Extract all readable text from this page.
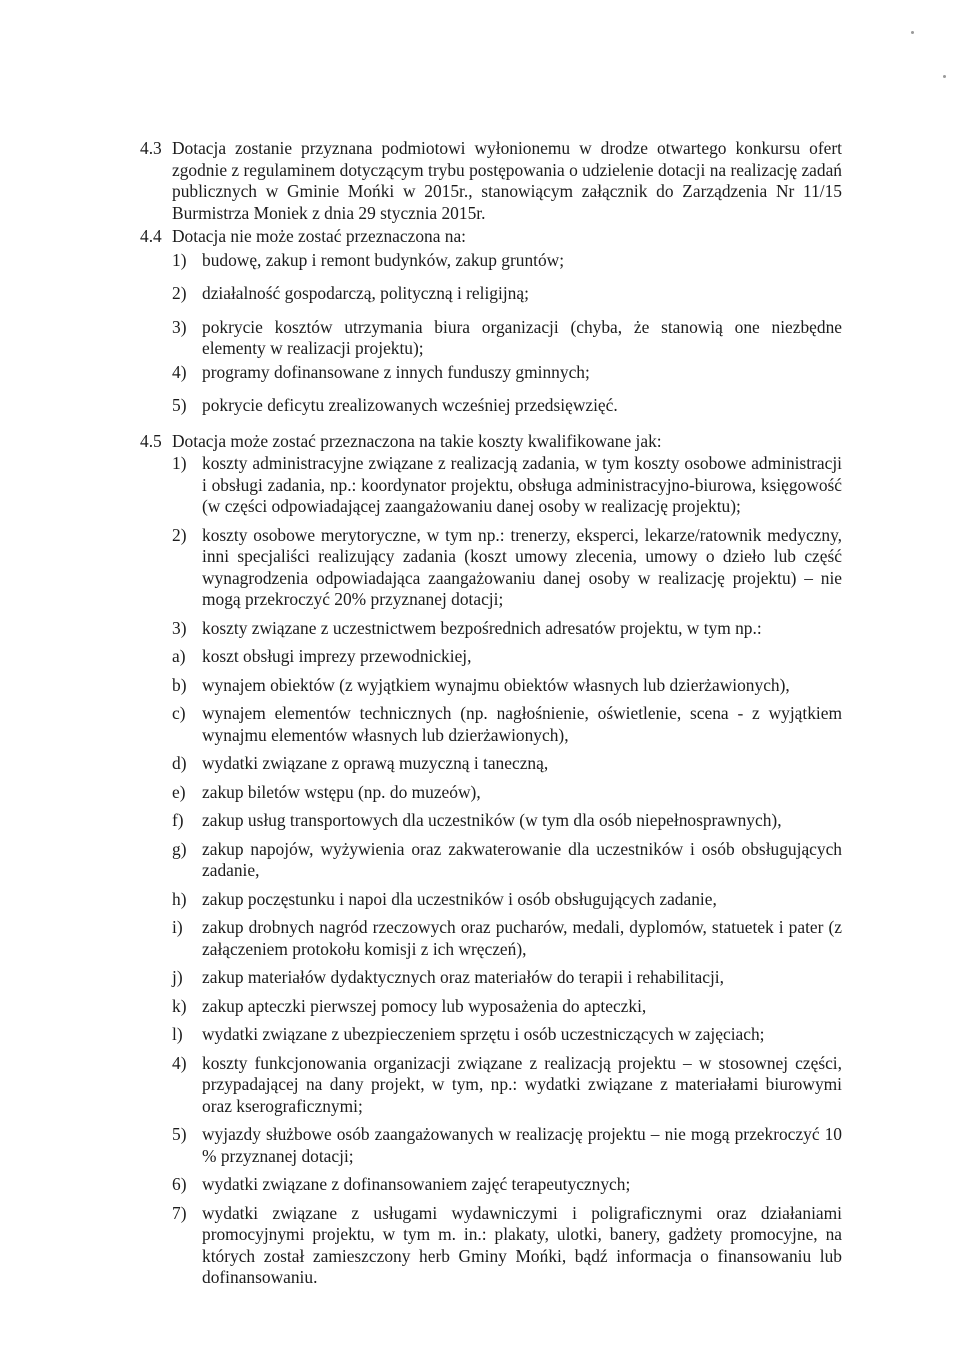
4.3 Dotacja zostanie przyznana podmiotowi wyłonionemu w drodze otwartego konkursu ofert zgodnie z regulaminem dotyczącym trybu postępowania o udzielenie dotacji na realizację zadań publicznych w Gminie Mońki w 2015r., stanowiącym załącznik do Zarządzenia Nr 11/15 Burmistrza Moniek z dnia 29 stycznia 2015r.
4.4 Dotacja nie może zostać przeznaczona na:
1) budowę, zakup i remont budynków, zakup gruntów;
2) działalność gospodarczą, polityczną i religijną;
3) pokrycie kosztów utrzymania biura organizacji (chyba, że stanowią one niezbędne elementy w realizacji projektu);
4) programy dofinansowane z innych funduszy gminnych;
5) pokrycie deficytu zrealizowanych wcześniej przedsięwzięć.
4.5 Dotacja może zostać przeznaczona na takie koszty kwalifikowane jak:
1) koszty administracyjne związane z realizacją zadania, w tym koszty osobowe administracji i obsługi zadania, np.: koordynator projektu, obsługa administracyjno-biurowa, księgowość (w części odpowiadającej zaangażowaniu danej osoby w realizację projektu);
2) koszty osobowe merytoryczne, w tym np.: trenerzy, eksperci, lekarze/ratownik medyczny, inni specjaliści realizujący zadania (koszt umowy zlecenia, umowy o dzieło lub część wynagrodzenia odpowiadająca zaangażowaniu danej osoby w realizację projektu) – nie mogą przekroczyć 20% przyznanej dotacji;
3) koszty związane z uczestnictwem bezpośrednich adresatów projektu, w tym np.:
a) koszt obsługi imprezy przewodnickiej,
b) wynajem obiektów (z wyjątkiem wynajmu obiektów własnych lub dzierżawionych),
c) wynajem elementów technicznych (np. nagłośnienie, oświetlenie, scena - z wyjątkiem wynajmu elementów własnych lub dzierżawionych),
d) wydatki związane z oprawą muzyczną i taneczną,
e) zakup biletów wstępu (np. do muzeów),
f) zakup usług transportowych dla uczestników (w tym dla osób niepełnosprawnych),
g) zakup napojów, wyżywienia oraz zakwaterowanie dla uczestników i osób obsługujących zadanie,
h) zakup poczęstunku i napoi dla uczestników i osób obsługujących zadanie,
i) zakup drobnych nagród rzeczowych oraz pucharów, medali, dyplomów, statuetek i pater (z załączeniem protokołu komisji z ich wręczeń),
j) zakup materiałów dydaktycznych oraz materiałów do terapii i rehabilitacji,
k) zakup apteczki pierwszej pomocy lub wyposażenia do apteczki,
l) wydatki związane z ubezpieczeniem sprzętu i osób uczestniczących w zajęciach;
4) koszty funkcjonowania organizacji związane z realizacją projektu – w stosownej części, przypadającej na dany projekt, w tym, np.: wydatki związane z materiałami biurowymi oraz kserograficznymi;
5) wyjazdy służbowe osób zaangażowanych w realizację projektu – nie mogą przekroczyć 10 % przyznanej dotacji;
6) wydatki związane z dofinansowaniem zajęć terapeutycznych;
7) wydatki związane z usługami wydawniczymi i poligraficznymi oraz działaniami promocyjnymi projektu, w tym m. in.: plakaty, ulotki, banery, gadżety promocyjne, na których został zamieszczony herb Gminy Mońki, bądź informacja o finansowaniu lub dofinansowaniu.
